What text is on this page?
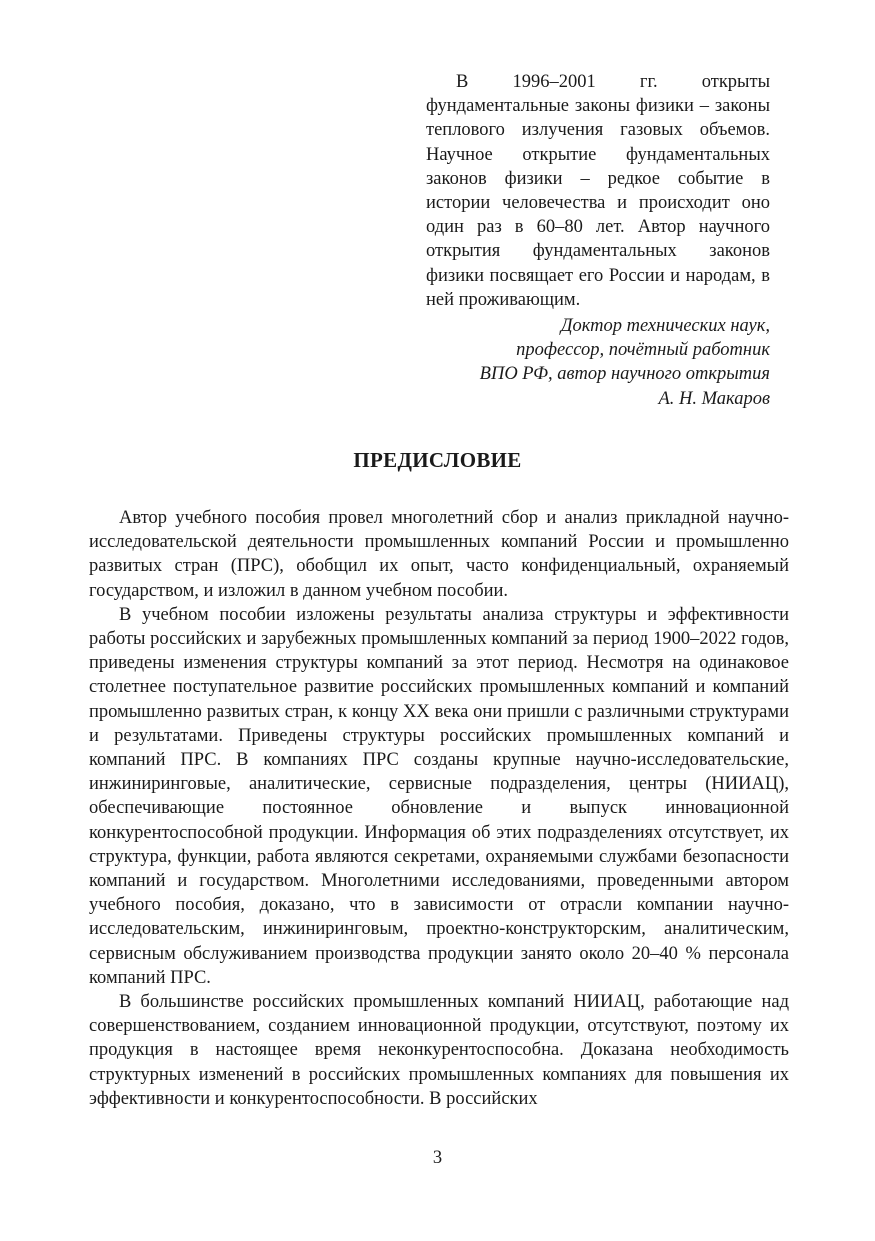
В 1996–2001 гг. открыты фундаментальные законы физики – законы теплового излучения газовых объемов. Научное открытие фундаментальных законов физики – редкое событие в истории человечества и происходит оно один раз в 60–80 лет. Автор научного открытия фундаментальных законов физики посвящает его России и народам, в ней проживающим.

Доктор технических наук,
профессор, почётный работник
ВПО РФ, автор научного открытия
А. Н. Макаров
ПРЕДИСЛОВИЕ

Автор учебного пособия провел многолетний сбор и анализ прикладной научно-исследовательской деятельности промышленных компаний России и промышленно развитых стран (ПРС), обобщил их опыт, часто конфиденциальный, охраняемый государством, и изложил в данном учебном пособии.

В учебном пособии изложены результаты анализа структуры и эффективности работы российских и зарубежных промышленных компаний за период 1900–2022 годов, приведены изменения структуры компаний за этот период. Несмотря на одинаковое столетнее поступательное развитие российских промышленных компаний и компаний промышленно развитых стран, к концу XX века они пришли с различными структурами и результатами. Приведены структуры российских промышленных компаний и компаний ПРС. В компаниях ПРС созданы крупные научно-исследовательские, инжиниринговые, аналитические, сервисные подразделения, центры (НИИАЦ), обеспечивающие постоянное обновление и выпуск инновационной конкурентоспособной продукции. Информация об этих подразделениях отсутствует, их структура, функции, работа являются секретами, охраняемыми службами безопасности компаний и государством. Многолетними исследованиями, проведенными автором учебного пособия, доказано, что в зависимости от отрасли компании научно-исследовательским, инжиниринговым, проектно-конструкторским, аналитическим, сервисным обслуживанием производства продукции занято около 20–40 % персонала компаний ПРС.

В большинстве российских промышленных компаний НИИАЦ, работающие над совершенствованием, созданием инновационной продукции, отсутствуют, поэтому их продукция в настоящее время неконкурентоспособна. Доказана необходимость структурных изменений в российских промышленных компаниях для повышения их эффективности и конкурентоспособности. В российских

3
